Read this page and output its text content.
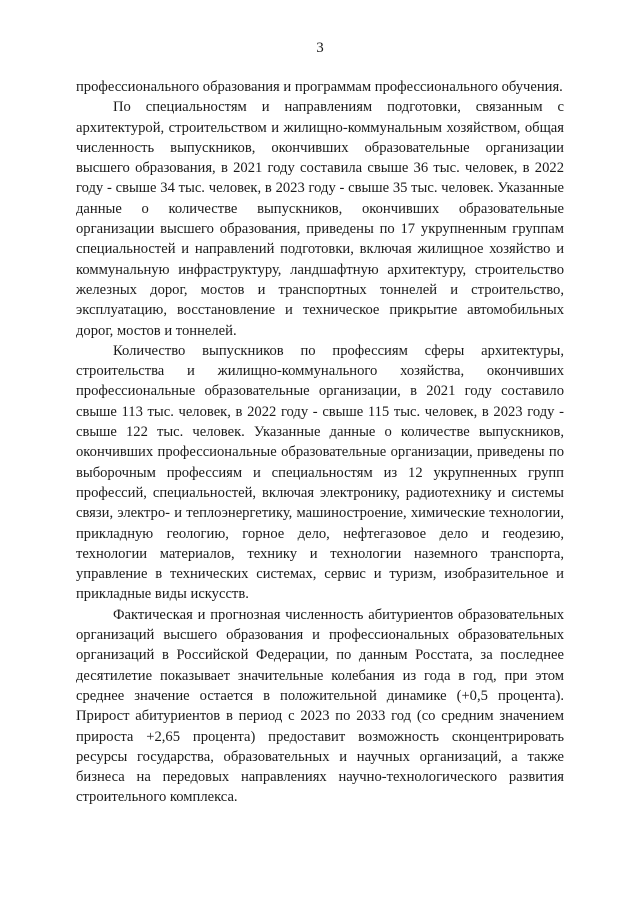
3

профессионального образования и программам профессионального обучения.

По специальностям и направлениям подготовки, связанным с архитектурой, строительством и жилищно-коммунальным хозяйством, общая численность выпускников, окончивших образовательные организации высшего образования, в 2021 году составила свыше 36 тыс. человек, в 2022 году - свыше 34 тыс. человек, в 2023 году - свыше 35 тыс. человек. Указанные данные о количестве выпускников, окончивших образовательные организации высшего образования, приведены по 17 укрупненным группам специальностей и направлений подготовки, включая жилищное хозяйство и коммунальную инфраструктуру, ландшафтную архитектуру, строительство железных дорог, мостов и транспортных тоннелей и строительство, эксплуатацию, восстановление и техническое прикрытие автомобильных дорог, мостов и тоннелей.

Количество выпускников по профессиям сферы архитектуры, строительства и жилищно-коммунального хозяйства, окончивших профессиональные образовательные организации, в 2021 году составило свыше 113 тыс. человек, в 2022 году - свыше 115 тыс. человек, в 2023 году - свыше 122 тыс. человек. Указанные данные о количестве выпускников, окончивших профессиональные образовательные организации, приведены по выборочным профессиям и специальностям из 12 укрупненных групп профессий, специальностей, включая электронику, радиотехнику и системы связи, электро- и теплоэнергетику, машиностроение, химические технологии, прикладную геологию, горное дело, нефтегазовое дело и геодезию, технологии материалов, технику и технологии наземного транспорта, управление в технических системах, сервис и туризм, изобразительное и прикладные виды искусств.

Фактическая и прогнозная численность абитуриентов образовательных организаций высшего образования и профессиональных образовательных организаций в Российской Федерации, по данным Росстата, за последнее десятилетие показывает значительные колебания из года в год, при этом среднее значение остается в положительной динамике (+0,5 процента). Прирост абитуриентов в период с 2023 по 2033 год (со средним значением прироста +2,65 процента) предоставит возможность сконцентрировать ресурсы государства, образовательных и научных организаций, а также бизнеса на передовых направлениях научно-технологического развития строительного комплекса.
